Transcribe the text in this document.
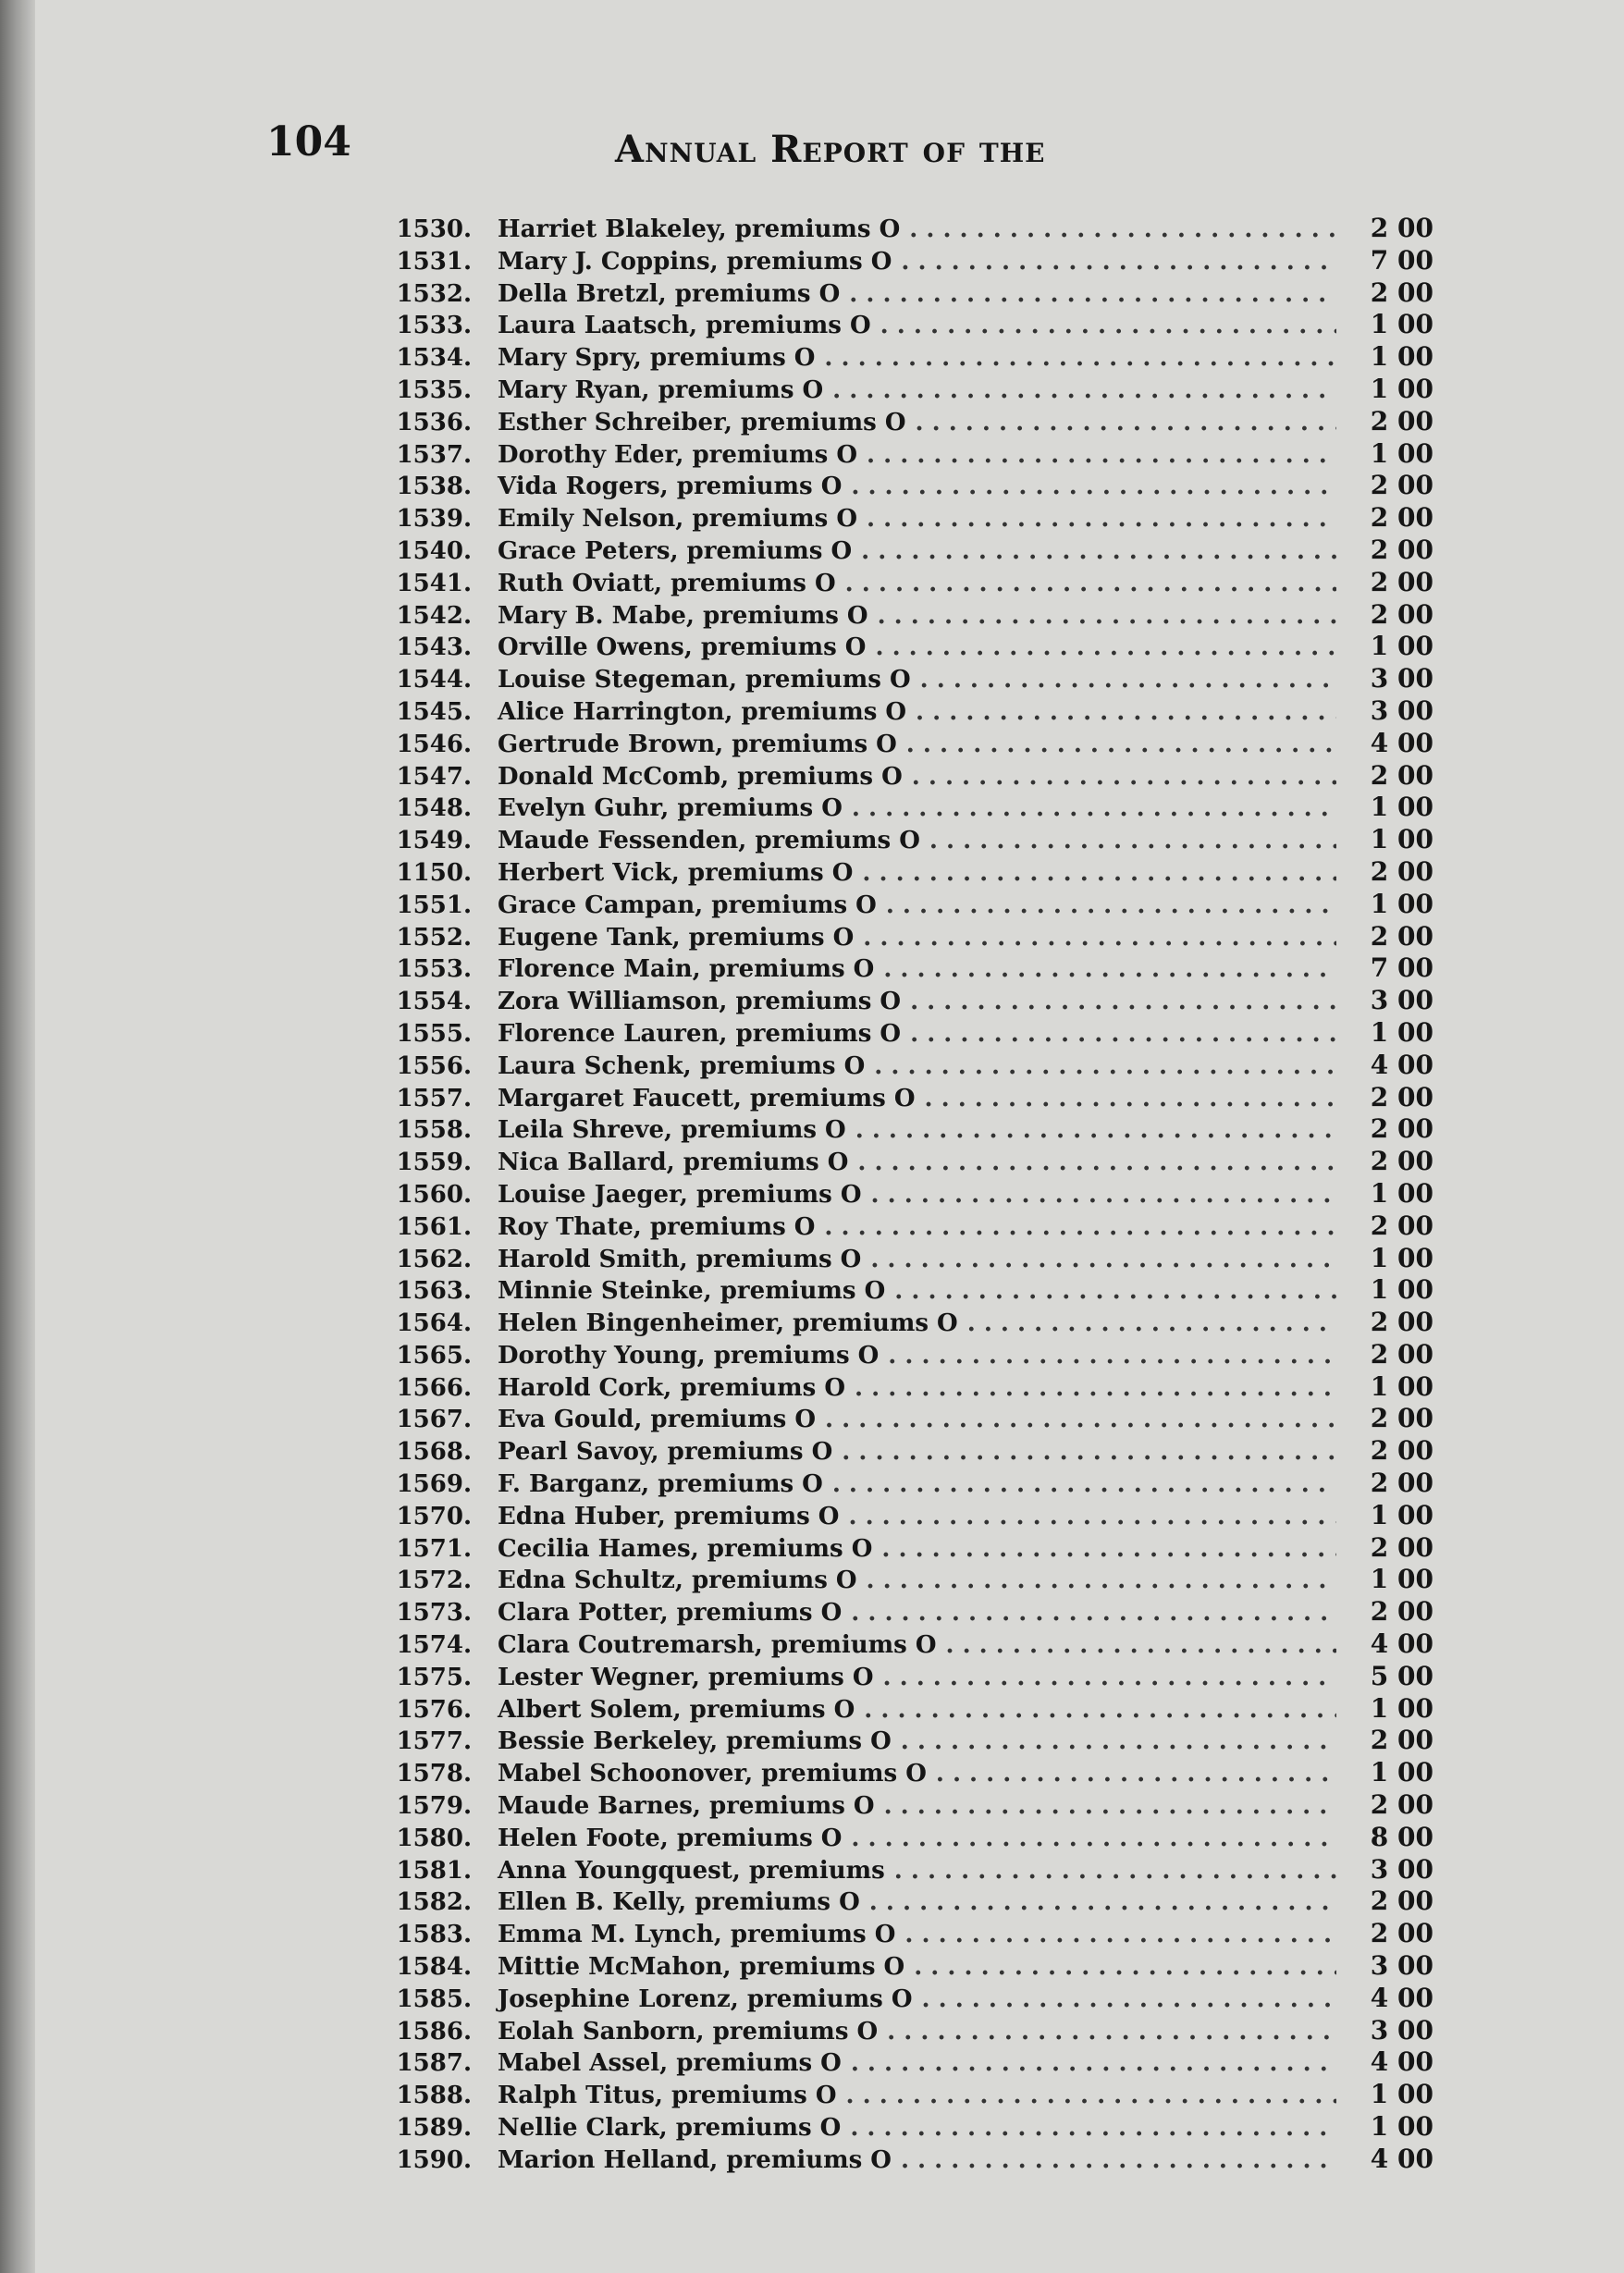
104	Annual Report of the
1530.	Harriet Blakeley, premiums O . . .	2 00
1531.	Mary J. Coppins, premiums O . . .	7 00
1532.	Della Bretzl, premiums O . . .	2 00
1533.	Laura Laatsch, premiums O . . .	1 00
1534.	Mary Spry, premiums O . . .	1 00
1535.	Mary Ryan, premiums O . . .	1 00
1536.	Esther Schreiber, premiums O . . .	2 00
1537.	Dorothy Eder, premiums O . . .	1 00
1538.	Vida Rogers, premiums O . . .	2 00
1539.	Emily Nelson, premiums O . . .	2 00
1540.	Grace Peters, premiums O . . .	2 00
1541.	Ruth Oviatt, premiums O . . .	2 00
1542.	Mary B. Mabe, premiums O . . .	2 00
1543.	Orville Owens, premiums O . . .	1 00
1544.	Louise Stegeman, premiums O . . .	3 00
1545.	Alice Harrington, premiums O . . .	3 00
1546.	Gertrude Brown, premiums O . . .	4 00
1547.	Donald McComb, premiums O . . .	2 00
1548.	Evelyn Guhr, premiums O . . .	1 00
1549.	Maude Fessenden, premiums O . . .	1 00
1150.	Herbert Vick, premiums O . . .	2 00
1551.	Grace Campan, premiums O . . .	1 00
1552.	Eugene Tank, premiums O . . .	2 00
1553.	Florence Main, premiums O . . .	7 00
1554.	Zora Williamson, premiums O . . .	3 00
1555.	Florence Lauren, premiums O . . .	1 00
1556.	Laura Schenk, premiums O . . .	4 00
1557.	Margaret Faucett, premiums O . . .	2 00
1558.	Leila Shreve, premiums O . . .	2 00
1559.	Nica Ballard, premiums O . . .	2 00
1560.	Louise Jaeger, premiums O . . .	1 00
1561.	Roy Thate, premiums O . . .	2 00
1562.	Harold Smith, premiums O . . .	1 00
1563.	Minnie Steinke, premiums O . . .	1 00
1564.	Helen Bingenheimer, premiums O . . .	2 00
1565.	Dorothy Young, premiums O . . .	2 00
1566.	Harold Cork, premiums O . . .	1 00
1567.	Eva Gould, premiums O . . .	2 00
1568.	Pearl Savoy, premiums O . . .	2 00
1569.	F. Barganz, premiums O . . .	2 00
1570.	Edna Huber, premiums O . . .	1 00
1571.	Cecilia Hames, premiums O . . .	2 00
1572.	Edna Schultz, premiums O . . .	1 00
1573.	Clara Potter, premiums O . . .	2 00
1574.	Clara Coutremarsh, premiums O . . .	4 00
1575.	Lester Wegner, premiums O . . .	5 00
1576.	Albert Solem, premiums O . . .	1 00
1577.	Bessie Berkeley, premiums O . . .	2 00
1578.	Mabel Schoonover, premiums O . . .	1 00
1579.	Maude Barnes, premiums O . . .	2 00
1580.	Helen Foote, premiums O . . .	8 00
1581.	Anna Youngquest, premiums . . .	3 00
1582.	Ellen B. Kelly, premiums O . . .	2 00
1583.	Emma M. Lynch, premiums O . . .	2 00
1584.	Mittie McMahon, premiums O . . .	3 00
1585.	Josephine Lorenz, premiums O . . .	4 00
1586.	Eolah Sanborn, premiums O . . .	3 00
1587.	Mabel Assel, premiums O . . .	4 00
1588.	Ralph Titus, premiums O . . .	1 00
1589.	Nellie Clark, premiums O . . .	1 00
1590.	Marion Helland, premiums O . . .	4 00
